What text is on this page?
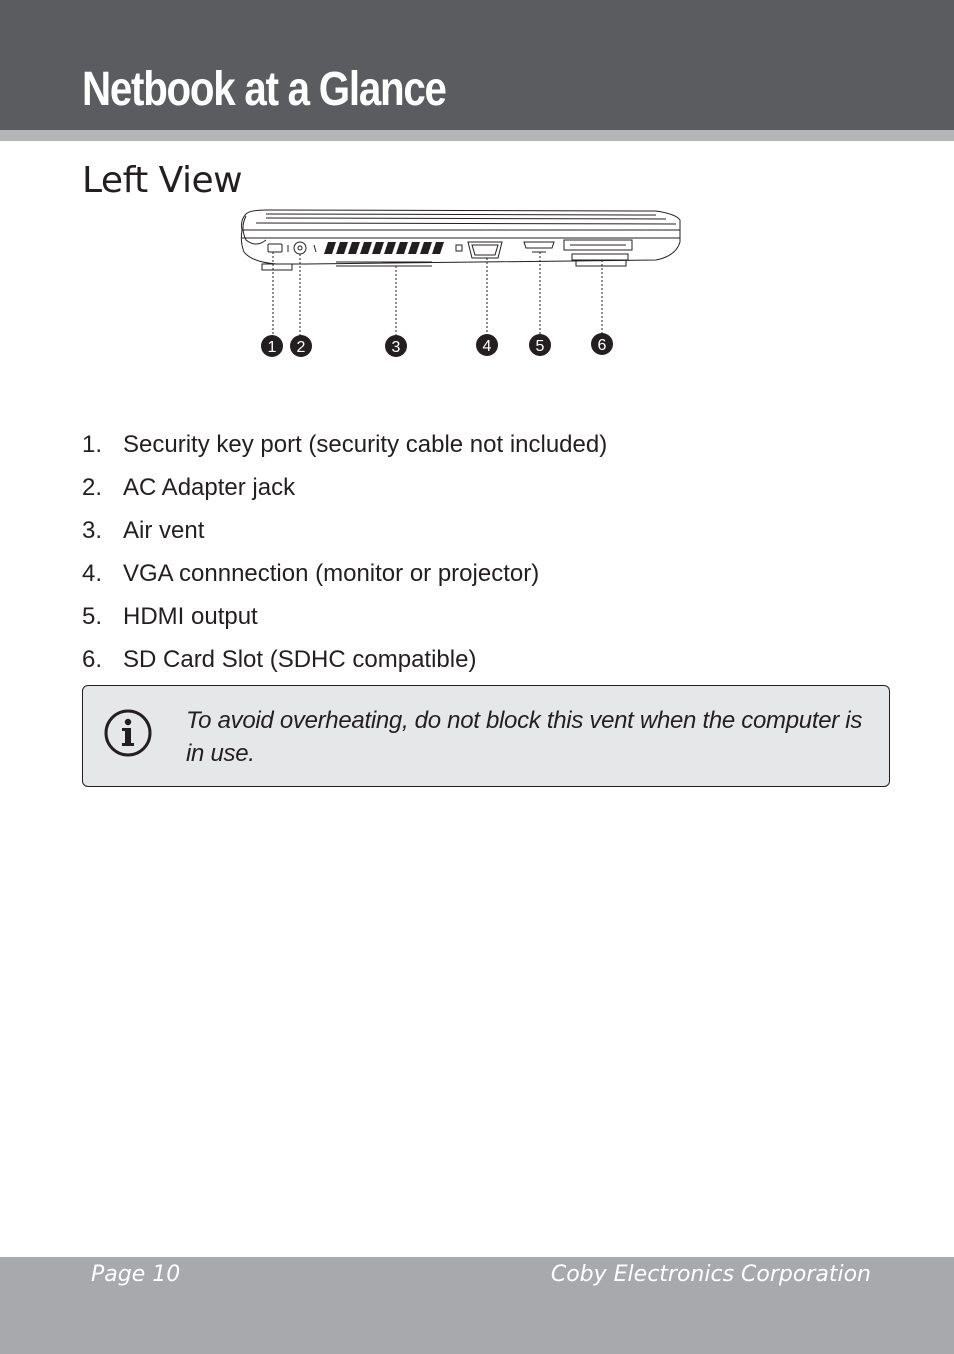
Netbook at a Glance
Left View
1 2	3	4	5	6
1. Security key port (security cable not included)
2. AC Adapter jack
3. Air vent
4. VGA connnection (monitor or projector)
5. HDMI output
6. SD Card Slot (SDHC compatible)
To avoid overheating, do not block this vent when the computer is in use.
Page 10	Coby Electronics Corporation
